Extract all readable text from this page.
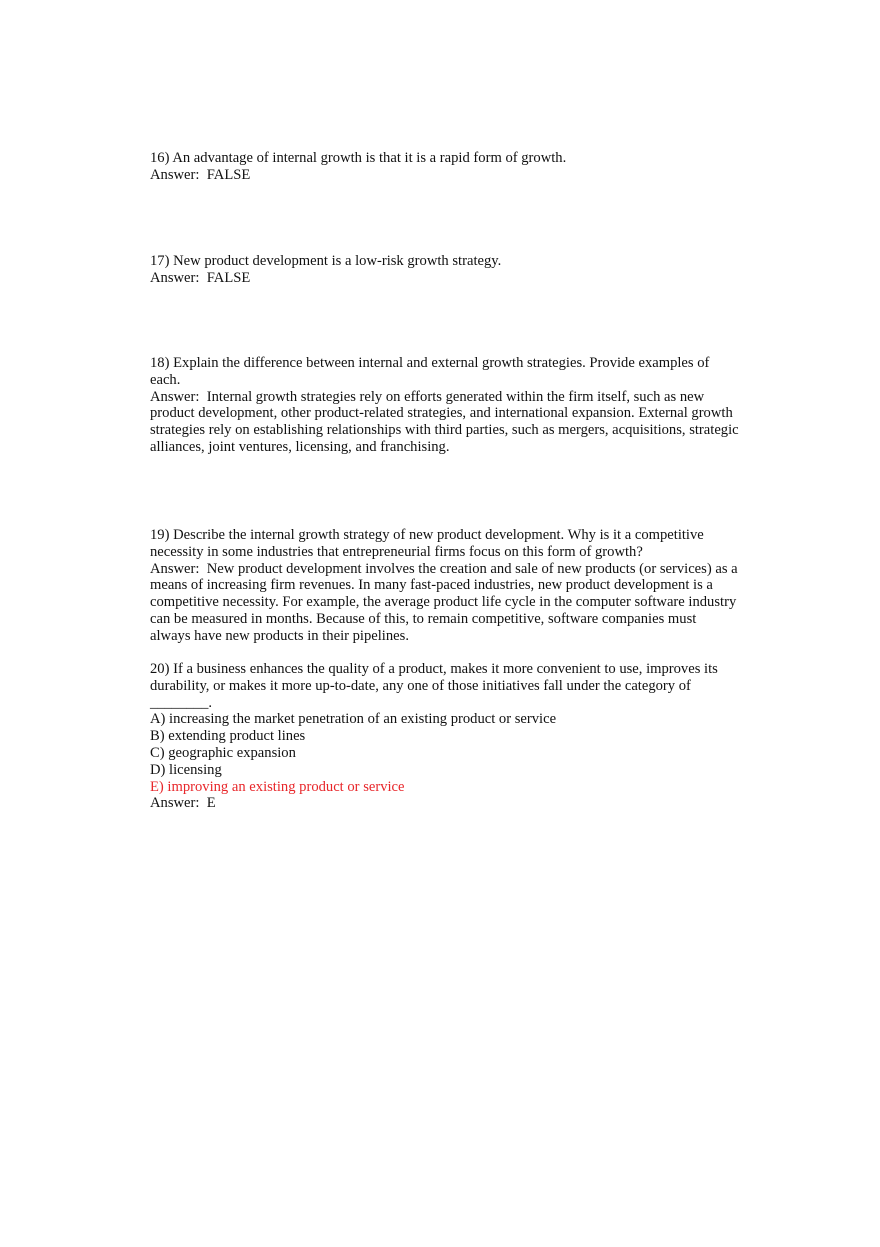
16) An advantage of internal growth is that it is a rapid form of growth.

Answer: FALSE

17) New product development is a low-risk growth strategy.

Answer: FALSE

18) Explain the difference between internal and external growth strategies. Provide examples of each.

Answer: Internal growth strategies rely on efforts generated within the firm itself, such as new product development, other product-related strategies, and international expansion. External growth strategies rely on establishing relationships with third parties, such as mergers, acquisitions, strategic alliances, joint ventures, licensing, and franchising.

19) Describe the internal growth strategy of new product development. Why is it a competitive necessity in some industries that entrepreneurial firms focus on this form of growth?

Answer: New product development involves the creation and sale of new products (or services) as a means of increasing firm revenues. In many fast-paced industries, new product development is a competitive necessity. For example, the average product life cycle in the computer software industry can be measured in months. Because of this, to remain competitive, software companies must always have new products in their pipelines.

20) If a business enhances the quality of a product, makes it more convenient to use, improves its durability, or makes it more up-to-date, any one of those initiatives fall under the category of ________.

A) increasing the market penetration of an existing product or service

B) extending product lines

C) geographic expansion

D) licensing

E) improving an existing product or service

Answer: E
